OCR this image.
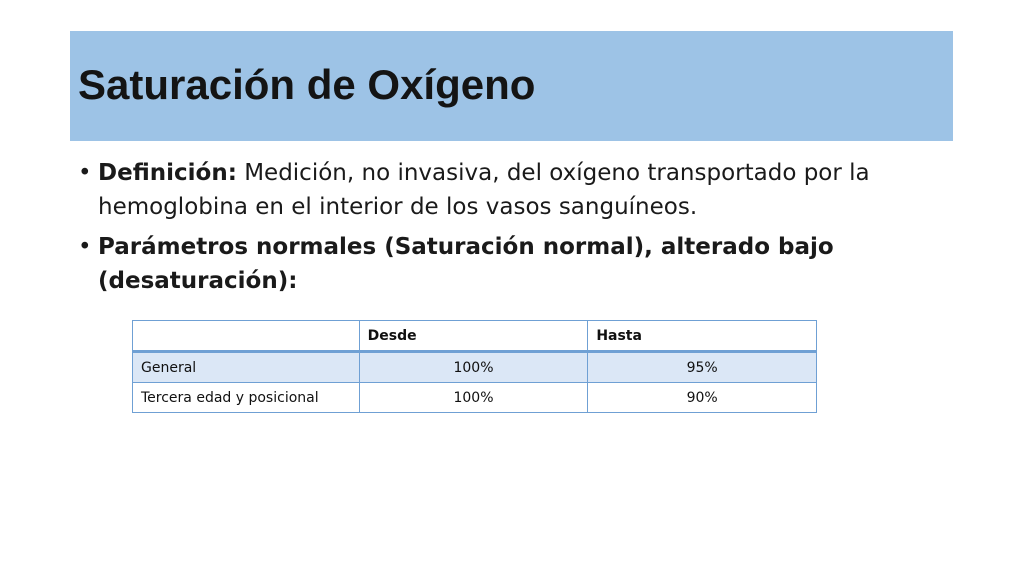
Saturación de Oxígeno
• Definición: Medición, no invasiva, del oxígeno transportado por la hemoglobina en el interior de los vasos sanguíneos.
• Parámetros normales (Saturación normal), alterado bajo (desaturación):
	Desde	Hasta
General	100%	95%
Tercera edad y posicional	100%	90%
